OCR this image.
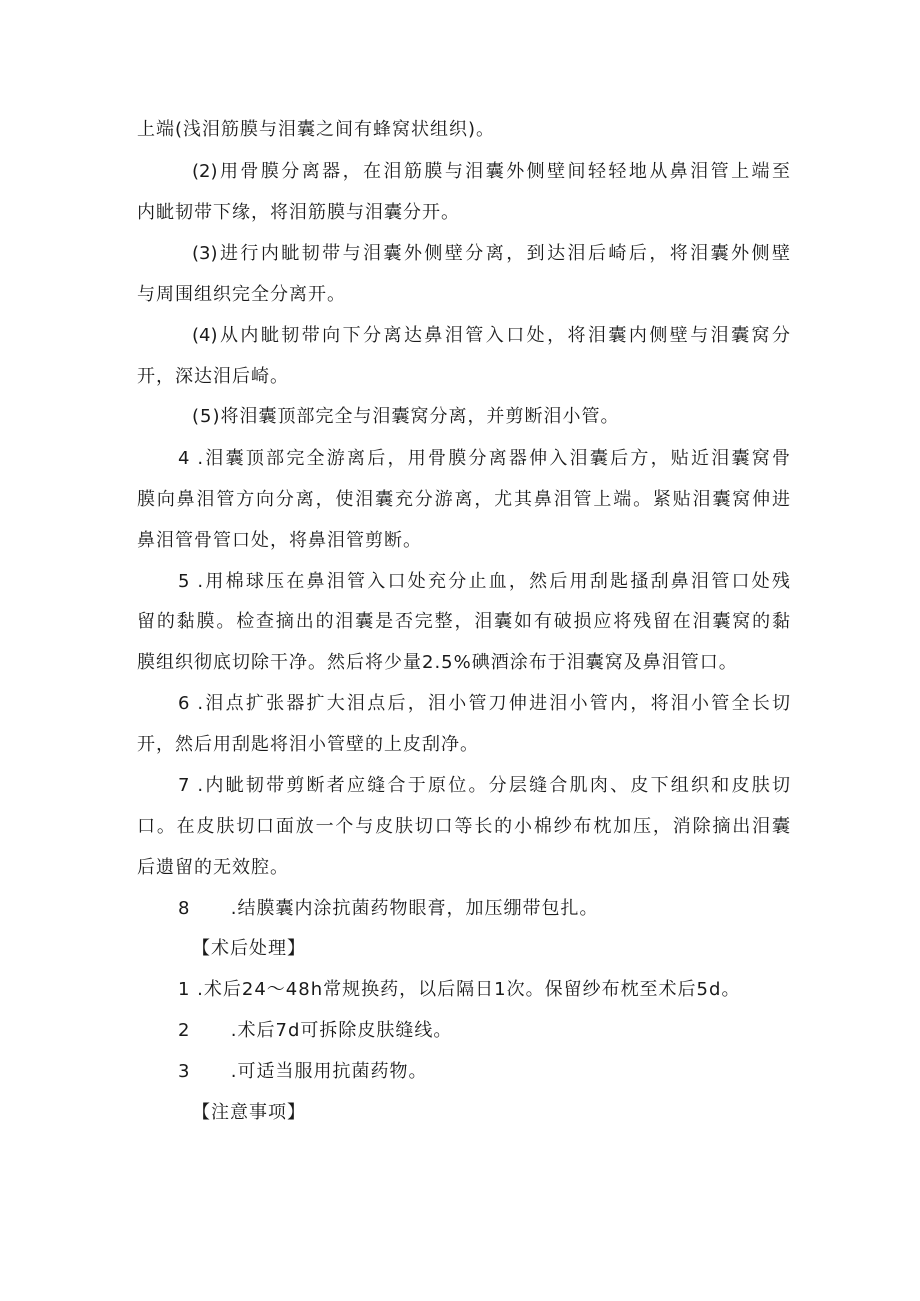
上端(浅泪筋膜与泪囊之间有蜂窝状组织)。
(2)用骨膜分离器，在泪筋膜与泪囊外侧壁间轻轻地从鼻泪管上端至
内眦韧带下缘，将泪筋膜与泪囊分开。
(3)进行内眦韧带与泪囊外侧壁分离，到达泪后崎后，将泪囊外侧壁
与周围组织完全分离开。
(4)从内眦韧带向下分离达鼻泪管入口处，将泪囊内侧壁与泪囊窝分
开，深达泪后崎。
(5)将泪囊顶部完全与泪囊窝分离，并剪断泪小管。
4 .泪囊顶部完全游离后，用骨膜分离器伸入泪囊后方，贴近泪囊窝骨
膜向鼻泪管方向分离，使泪囊充分游离，尤其鼻泪管上端。紧贴泪囊窝伸进
鼻泪管骨管口处，将鼻泪管剪断。
5 .用棉球压在鼻泪管入口处充分止血，然后用刮匙搔刮鼻泪管口处残
留的黏膜。检查摘出的泪囊是否完整，泪囊如有破损应将残留在泪囊窝的黏
膜组织彻底切除干净。然后将少量2.5%碘酒涂布于泪囊窝及鼻泪管口。
6 .泪点扩张器扩大泪点后，泪小管刀伸进泪小管内，将泪小管全长切
开，然后用刮匙将泪小管壁的上皮刮净。
7 .内眦韧带剪断者应缝合于原位。分层缝合肌肉、皮下组织和皮肤切
口。在皮肤切口面放一个与皮肤切口等长的小棉纱布枕加压，消除摘出泪囊
后遗留的无效腔。
8      .结膜囊内涂抗菌药物眼膏，加压绷带包扎。
【术后处理】
1 .术后24～48h常规换药，以后隔日1次。保留纱布枕至术后5d。
2      .术后7d可拆除皮肤缝线。
3      .可适当服用抗菌药物。
【注意事项】
